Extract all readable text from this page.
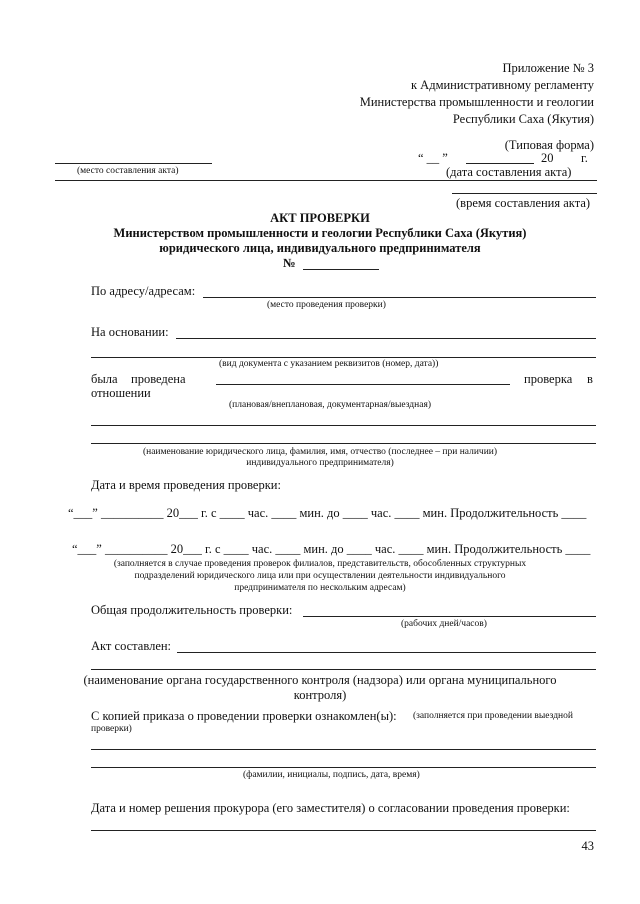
Приложение № 3
к Административному регламенту
Министерства промышленности и геологии
Республики Саха (Якутия)
(Типовая форма)
“ __ ”	20 г.
(место составления акта)	(дата составления акта)
(время составления акта)
АКТ ПРОВЕРКИ
Министерством промышленности и геологии Республики Саха (Якутия)
юридического лица, индивидуального предпринимателя
№
По адресу/адресам:
(место проведения проверки)
На основании:
(вид документа с указанием реквизитов (номер, дата))
была проведена	проверка в
отношении
(плановая/внеплановая, документарная/выездная)
(наименование юридического лица, фамилия, имя, отчество (последнее – при наличии)
индивидуального предпринимателя)
Дата и время проведения проверки:
“___” __________ 20___ г. с ____ час. ____ мин. до ____ час. ____ мин. Продолжительность ____
“___” __________ 20___ г. с ____ час. ____ мин. до ____ час. ____ мин. Продолжительность ____
(заполняется в случае проведения проверок филиалов, представительств, обособленных структурных
подразделений юридического лица или при осуществлении деятельности индивидуального
предпринимателя по нескольким адресам)
Общая продолжительность проверки:
(рабочих дней/часов)
Акт составлен:
(наименование органа государственного контроля (надзора) или органа муниципального
контроля)
С копией приказа о проведении проверки ознакомлен(ы): (заполняется при проведении выездной
проверки)
(фамилии, инициалы, подпись, дата, время)
Дата и номер решения прокурора (его заместителя) о согласовании проведения проверки:
43
